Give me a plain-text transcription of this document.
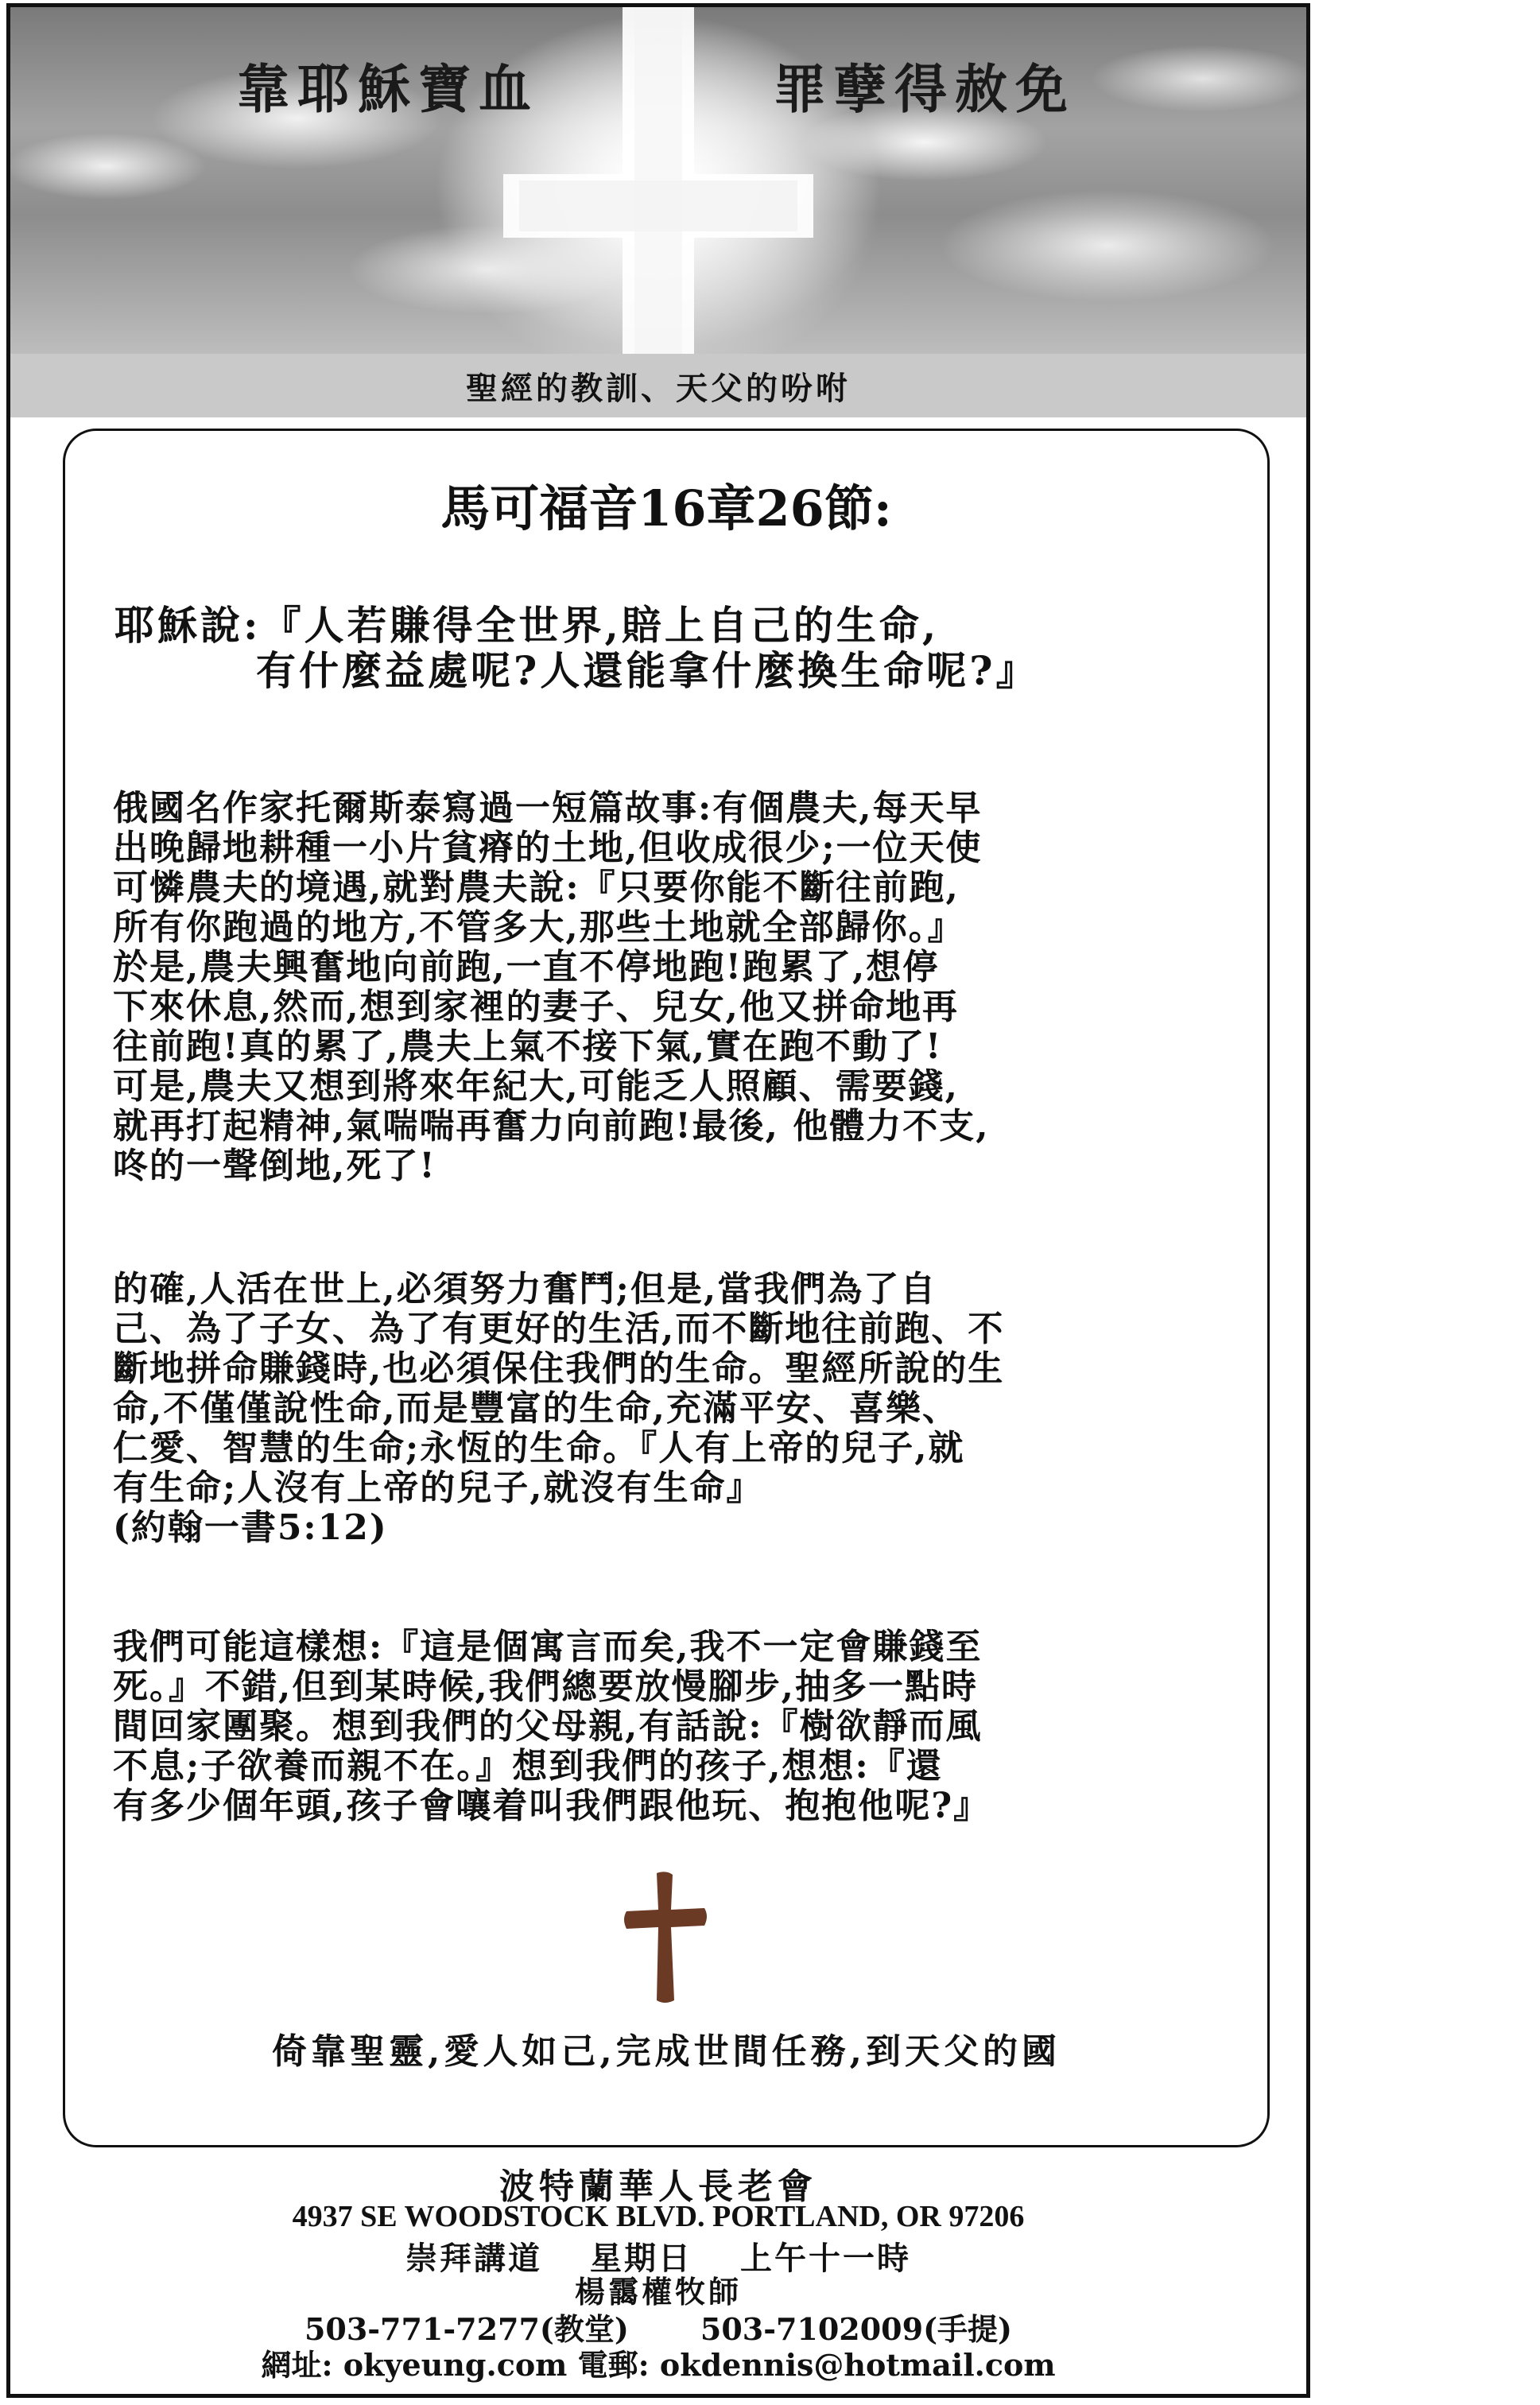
靠耶穌寶血	罪孽得赦免
聖經的教訓、天父的吩咐
馬可福音16章26節:
耶穌說:『人若賺得全世界,賠上自己的生命,
有什麼益處呢?人還能拿什麼換生命呢?』
俄國名作家托爾斯泰寫過一短篇故事:有個農夫,每天早
出晚歸地耕種一小片貧瘠的土地,但收成很少;一位天使
可憐農夫的境遇,就對農夫說:『只要你能不斷往前跑,
所有你跑過的地方,不管多大,那些土地就全部歸你。』
於是,農夫興奮地向前跑,一直不停地跑!跑累了,想停
下來休息,然而,想到家裡的妻子、兒女,他又拼命地再
往前跑!真的累了,農夫上氣不接下氣,實在跑不動了!
可是,農夫又想到將來年紀大,可能乏人照顧、需要錢,
就再打起精神,氣喘喘再奮力向前跑!最後, 他體力不支,
咚的一聲倒地,死了!
的確,人活在世上,必須努力奮鬥;但是,當我們為了自
己、為了子女、為了有更好的生活,而不斷地往前跑、不
斷地拼命賺錢時,也必須保住我們的生命。聖經所說的生
命,不僅僅說性命,而是豐富的生命,充滿平安、喜樂、
仁愛、智慧的生命;永恆的生命。『人有上帝的兒子,就
有生命;人沒有上帝的兒子,就沒有生命』
(約翰一書5:12)
我們可能這樣想:『這是個寓言而矣,我不一定會賺錢至
死。』不錯,但到某時候,我們總要放慢腳步,抽多一點時
間回家團聚。想到我們的父母親,有話說:『樹欲靜而風
不息;子欲養而親不在。』想到我們的孩子,想想:『還
有多少個年頭,孩子會嚷着叫我們跟他玩、抱抱他呢?』
倚靠聖靈,愛人如己,完成世間任務,到天父的國
波特蘭華人長老會
4937 SE WOODSTOCK BLVD. PORTLAND, OR 97206
崇拜講道 星期日 上午十一時
楊靄權牧師
503-771-7277(教堂) 503-7102009(手提)
網址: okyeung.com 電郵: okdennis@hotmail.com
